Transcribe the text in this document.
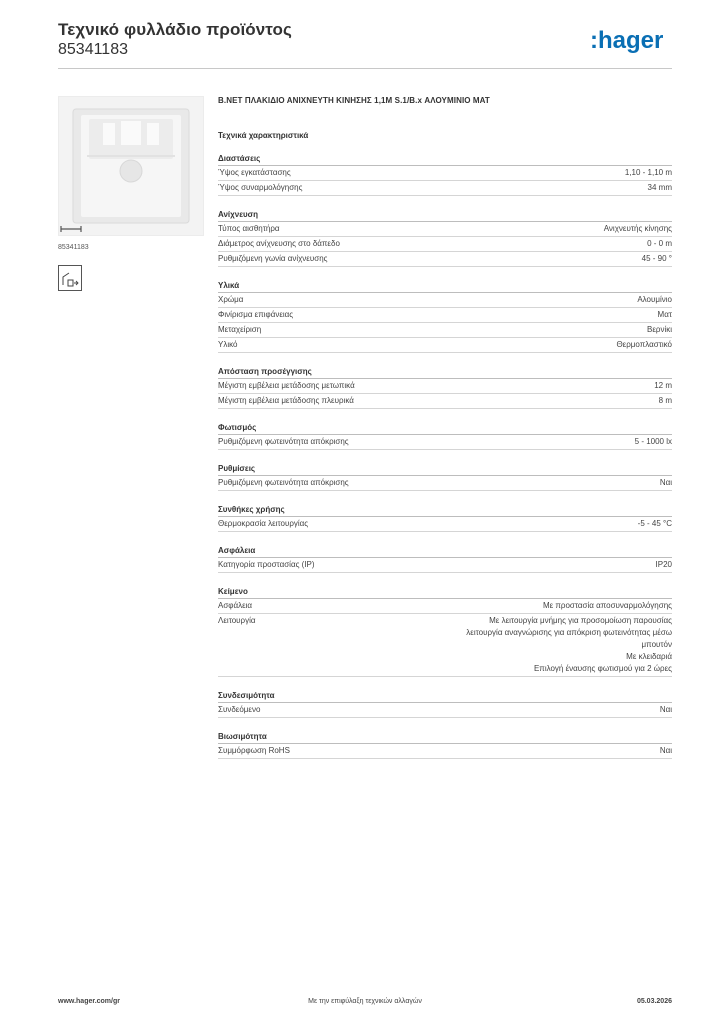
Τεχνικό φυλλάδιο προϊόντος
85341183	:hager
85341183
B.NET ΠΛΑΚΙΔΙΟ ΑΝΙΧΝΕΥΤΗ ΚΙΝΗΣΗΣ 1,1M S.1/B.x ΑΛΟΥΜΙΝΙΟ ΜΑΤ
Τεχνικά χαρακτηριστικά
Διαστάσεις
Ύψος εγκατάστασης	1,10 - 1,10 m
Ύψος συναρμολόγησης	34 mm
Ανίχνευση
Τύπος αισθητήρα	Ανιχνευτής κίνησης
Διάμετρος ανίχνευσης στο δάπεδο	0 - 0 m
Ρυθμιζόμενη γωνία ανίχνευσης	45 - 90 °
Υλικά
Χρώμα	Αλουμίνιο
Φινίρισμα επιφάνειας	Ματ
Μεταχείριση	Βερνίκι
Υλικό	Θερμοπλαστικό
Απόσταση προσέγγισης
Μέγιστη εμβέλεια μετάδοσης μετωπικά	12 m
Μέγιστη εμβέλεια μετάδοσης πλευρικά	8 m
Φωτισμός
Ρυθμιζόμενη φωτεινότητα απόκρισης	5 - 1000 lx
Ρυθμίσεις
Ρυθμιζόμενη φωτεινότητα απόκρισης	Ναι
Συνθήκες χρήσης
Θερμοκρασία λειτουργίας	-5 - 45 °C
Ασφάλεια
Κατηγορία προστασίας (IP)	IP20
Κείμενο
Ασφάλεια	Με προστασία αποσυναρμολόγησης
Λειτουργία	Με λειτουργία μνήμης για προσομοίωση παρουσίας
λειτουργία αναγνώρισης για απόκριση φωτεινότητας μέσω
μπουτόν
Με κλειδαριά
Επιλογή έναυσης φωτισμού για 2 ώρες
Συνδεσιμότητα
Συνδεόμενο	Ναι
Βιωσιμότητα
Συμμόρφωση RoHS	Ναι
www.hager.com/gr	Με την επιφύλαξη τεχνικών αλλαγών	05.03.2026
